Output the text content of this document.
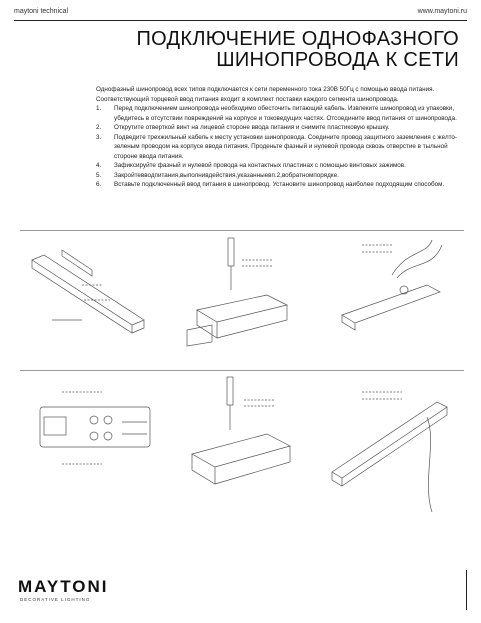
maytoni technical	www.maytoni.ru
ПОДКЛЮЧЕНИЕ ОДНОФАЗНОГО
ШИНОПРОВОДА К СЕТИ

Однофазный шинопровод всех типов подключается к сети переменного тока 230В 50Гц с помощью ввода питания. Соответствующий торцевой ввод питания входит в комплект поставки каждого сегмента шинопровода.

1. Перед подключением шинопровода необходимо обесточить питающий кабель. Извлеките шинопровод из упаковки, убедитесь в отсутствии повреждений на корпусе и токоведущих частях. Отсоедините ввод питания от шинопровода.
2. Открутите отверткой винт на лицевой стороне ввода питания и снимите пластиковую крышку.
3. Подведите трехжильный кабель к месту установки шинопровода. Соедините провод защитного заземления с желто-зеленым проводом на корпусе ввода питания. Проденьте фазный и нулевой провода сквозь отверстие в тыльной стороне ввода питания.
4. Зафиксируйте фазный и нулевой провода на контактных пластинах с помощью винтовых зажимов.
5. Закройтевводпитания,выполнивдействия,указанныевп.2,вобратномпорядке.
6. Вставьте подключенный ввод питания в шинопровод. Установите шинопровод наиболее подходящим способом.
MAYTONI
DECORATIVE LIGHTING
